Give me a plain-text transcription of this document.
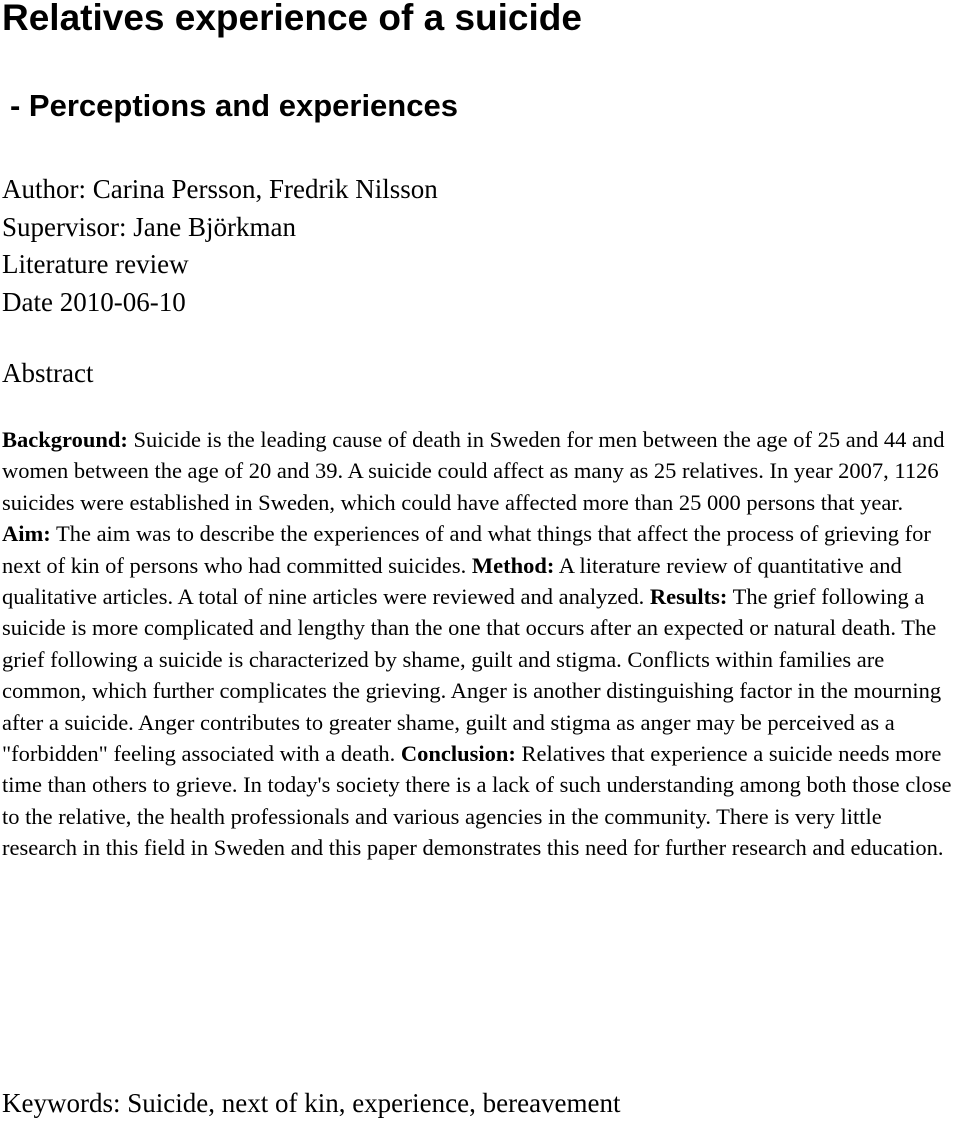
Relatives experience of a suicide
- Perceptions and experiences
Author: Carina Persson, Fredrik Nilsson
Supervisor: Jane Björkman
Literature review
Date 2010-06-10
Abstract

Background: Suicide is the leading cause of death in Sweden for men between the age of 25 and 44 and women between the age of 20 and 39. A suicide could affect as many as 25 relatives. In year 2007, 1126 suicides were established in Sweden, which could have affected more than 25 000 persons that year. Aim: The aim was to describe the experiences of and what things that affect the process of grieving for next of kin of persons who had committed suicides. Method: A literature review of quantitative and qualitative articles. A total of nine articles were reviewed and analyzed. Results: The grief following a suicide is more complicated and lengthy than the one that occurs after an expected or natural death. The grief following a suicide is characterized by shame, guilt and stigma. Conflicts within families are common, which further complicates the grieving. Anger is another distinguishing factor in the mourning after a suicide. Anger contributes to greater shame, guilt and stigma as anger may be perceived as a "forbidden" feeling associated with a death. Conclusion: Relatives that experience a suicide needs more time than others to grieve. In today's society there is a lack of such understanding among both those close to the relative, the health professionals and various agencies in the community. There is very little research in this field in Sweden and this paper demonstrates this need for further research and education.

Keywords: Suicide, next of kin, experience, bereavement
